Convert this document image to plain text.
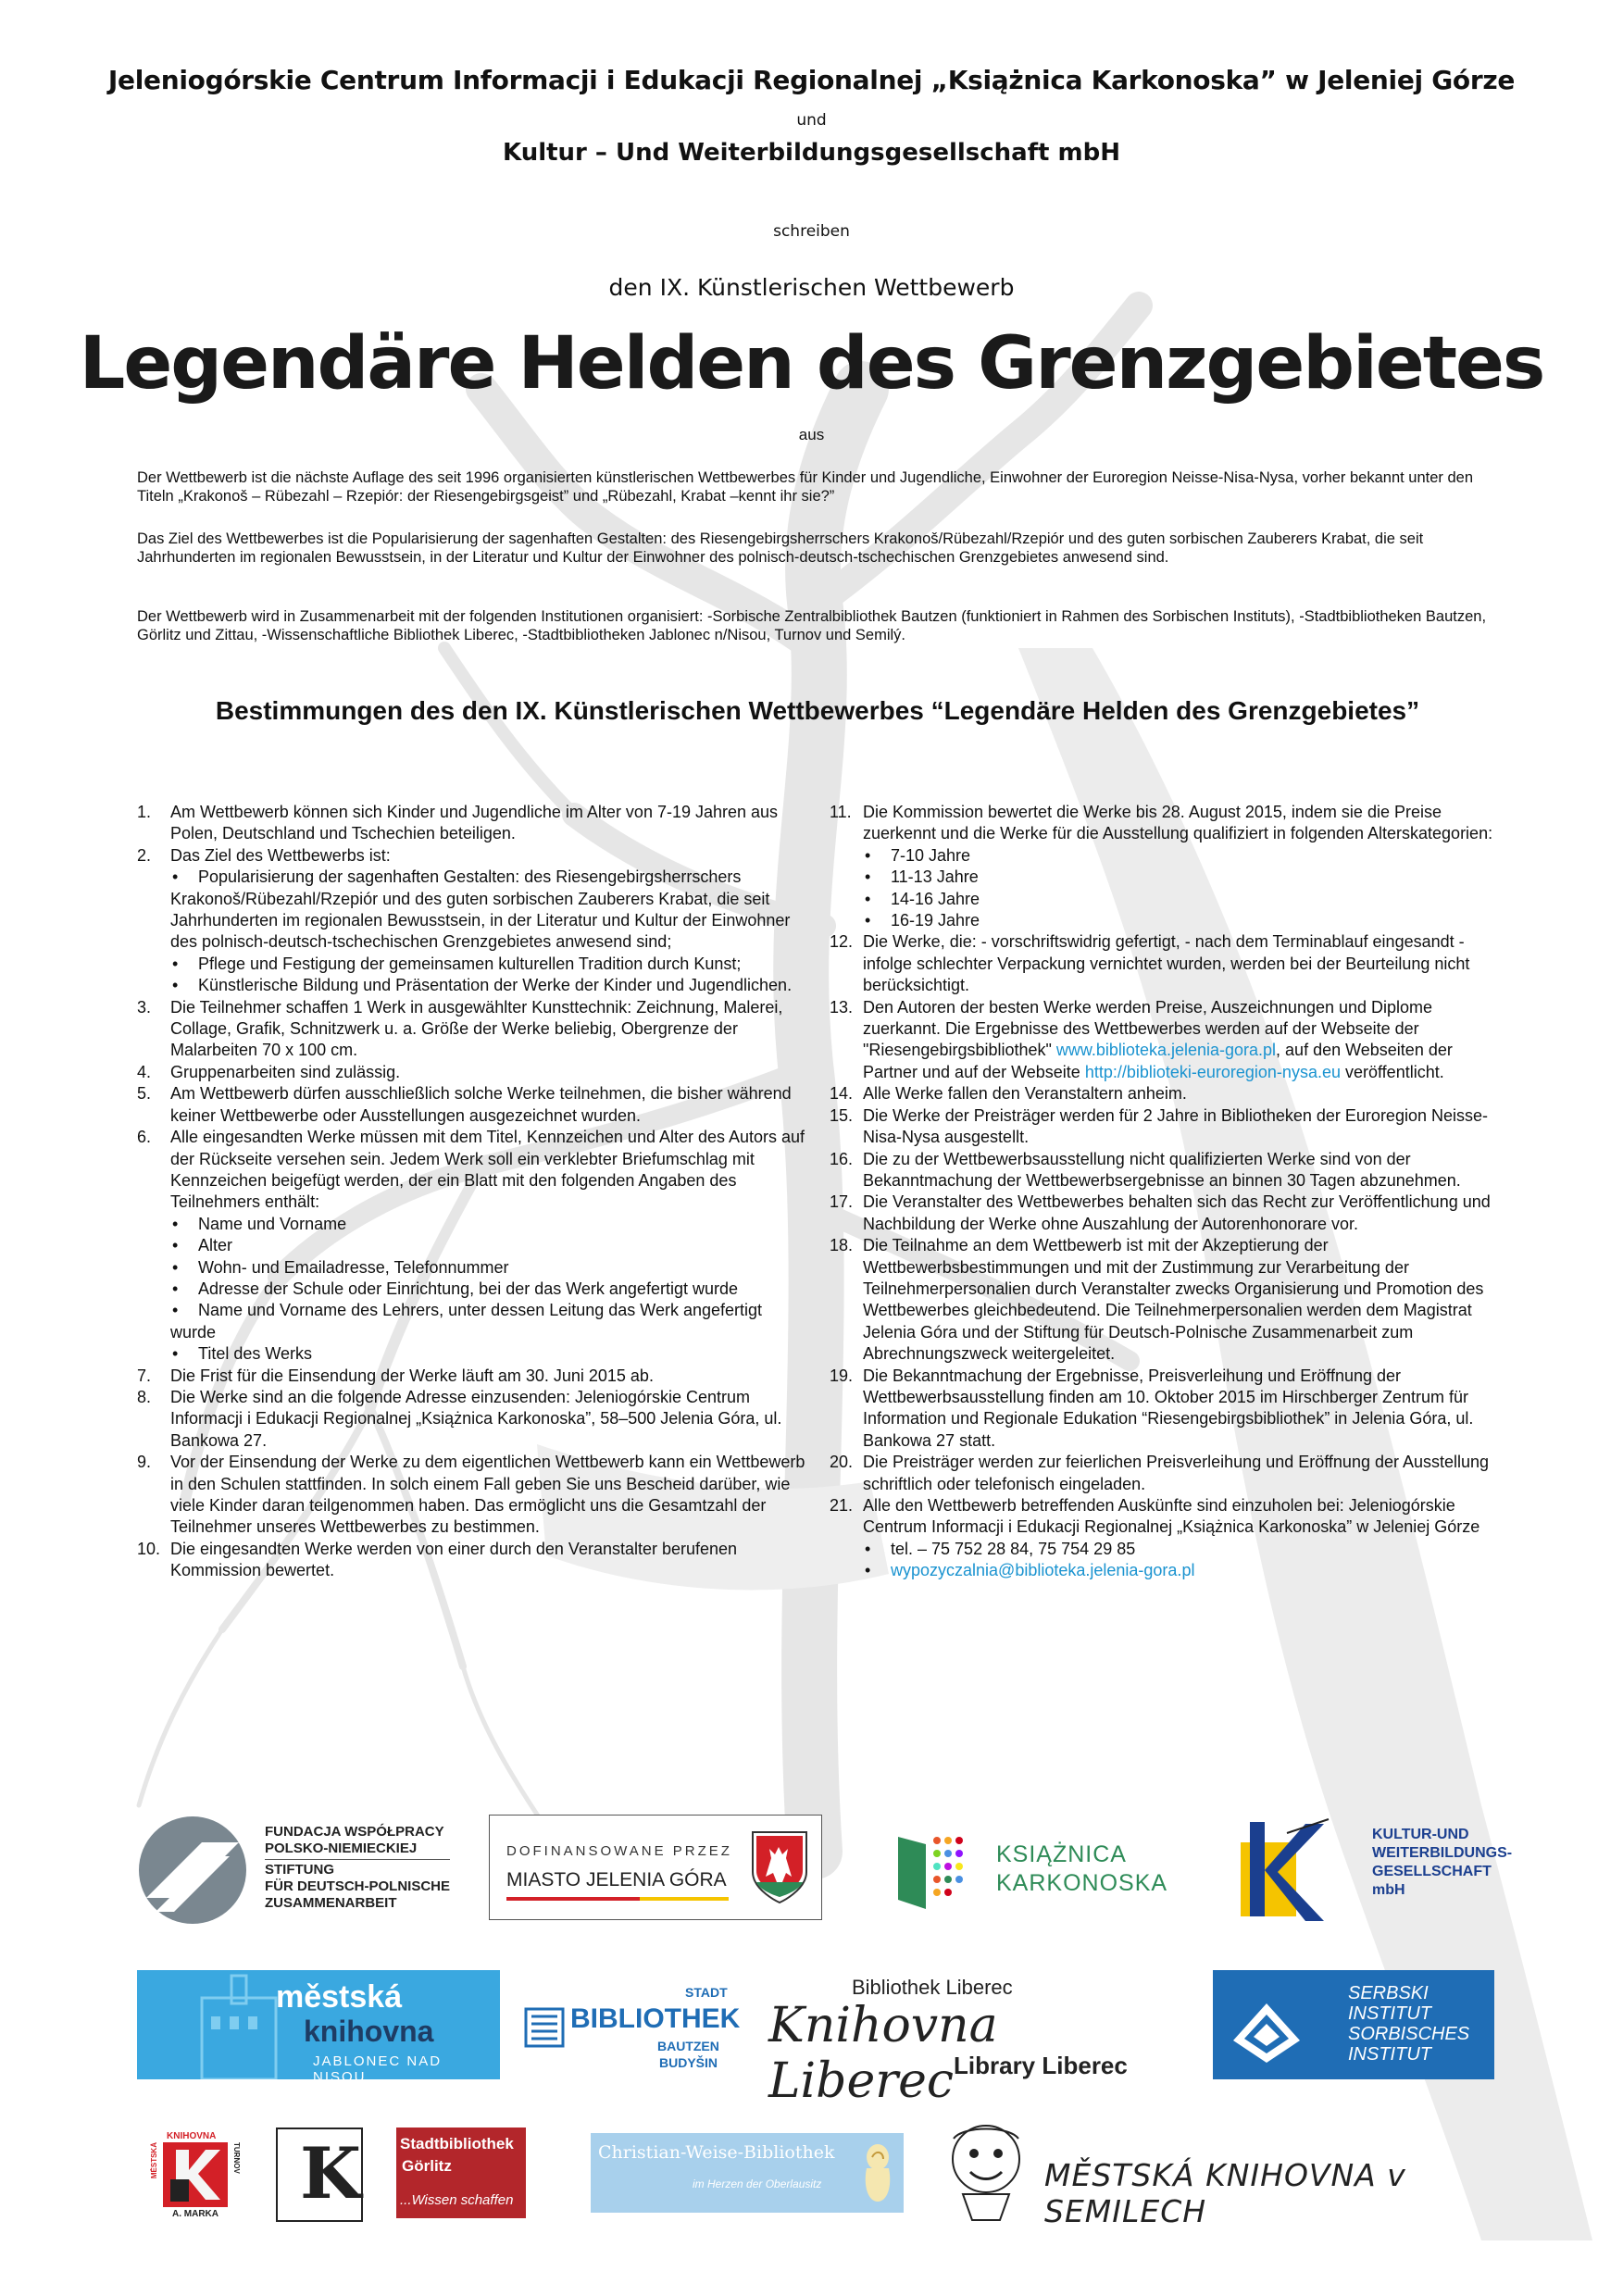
Jeleniogórskie Centrum Informacji i Edukacji Regionalnej „Książnica Karkonoska” w Jeleniej Górze
und
Kultur – Und Weiterbildungsgesellschaft mbH
schreiben
den IX. Künstlerischen Wettbewerb
Legendäre Helden des Grenzgebietes
aus

Der Wettbewerb ist die nächste Auflage des seit 1996 organisierten künstlerischen Wettbewerbes für Kinder und Jugendliche, Einwohner der Euroregion Neisse-Nisa-Nysa, vorher bekannt unter den Titeln „Krakonoš – Rübezahl – Rzepiór: der Riesengebirgsgeist” und „Rübezahl, Krabat –kennt ihr sie?”

Das Ziel des Wettbewerbes ist die Popularisierung der sagenhaften Gestalten: des Riesengebirgsherrschers Krakonoš/Rübezahl/Rzepiór und des guten sorbischen Zauberers Krabat, die seit Jahrhunderten im regionalen Bewusstsein, in der Literatur und Kultur der Einwohner des polnisch-deutsch-tschechischen Grenzgebietes anwesend sind.

Der Wettbewerb wird in Zusammenarbeit mit der folgenden Institutionen organisiert: -Sorbische Zentralbibliothek Bautzen (funktioniert in Rahmen des Sorbischen Instituts), -Stadtbibliotheken Bautzen, Görlitz und Zittau, -Wissenschaftliche Bibliothek Liberec, -Stadtbibliotheken Jablonec n/Nisou, Turnov und Semilý.

Bestimmungen des den IX. Künstlerischen Wettbewerbes “Legendäre Helden des Grenzgebietes”
1. Am Wettbewerb können sich Kinder und Jugendliche im Alter von 7-19 Jahren aus Polen, Deutschland und Tschechien beteiligen.
2. Das Ziel des Wettbewerbs ist:
• Popularisierung der sagenhaften Gestalten: des Riesengebirgsherrschers Krakonoš/Rübezahl/Rzepiór und des guten sorbischen Zauberers Krabat, die seit Jahrhunderten im regionalen Bewusstsein, in der Literatur und Kultur der Einwohner des polnisch-deutsch-tschechischen Grenzgebietes anwesend sind;
• Pflege und Festigung der gemeinsamen kulturellen Tradition durch Kunst;
• Künstlerische Bildung und Präsentation der Werke der Kinder und Jugendlichen.
3. Die Teilnehmer schaffen 1 Werk in ausgewählter Kunsttechnik: Zeichnung, Malerei, Collage, Grafik, Schnitzwerk u. a. Größe der Werke beliebig, Obergrenze der Malarbeiten 70 x 100 cm.
4. Gruppenarbeiten sind zulässig.
5. Am Wettbewerb dürfen ausschließlich solche Werke teilnehmen, die bisher während keiner Wettbewerbe oder Ausstellungen ausgezeichnet wurden.
6. Alle eingesandten Werke müssen mit dem Titel, Kennzeichen und Alter des Autors auf der Rückseite versehen sein. Jedem Werk soll ein verklebter Briefumschlag mit Kennzeichen beigefügt werden, der ein Blatt mit den folgenden Angaben des Teilnehmers enthält:
• Name und Vorname
• Alter
• Wohn- und Emailadresse, Telefonnummer
• Adresse der Schule oder Einrichtung, bei der das Werk angefertigt wurde
• Name und Vorname des Lehrers, unter dessen Leitung das Werk angefertigt wurde
• Titel des Werks
7. Die Frist für die Einsendung der Werke läuft am 30. Juni 2015 ab.
8. Die Werke sind an die folgende Adresse einzusenden: Jeleniogórskie Centrum Informacji i Edukacji Regionalnej „Książnica Karkonoska”, 58–500 Jelenia Góra, ul. Bankowa 27.
9. Vor der Einsendung der Werke zu dem eigentlichen Wettbewerb kann ein Wettbewerb in den Schulen stattfinden. In solch einem Fall geben Sie uns Bescheid darüber, wie viele Kinder daran teilgenommen haben. Das ermöglicht uns die Gesamtzahl der Teilnehmer unseres Wettbewerbes zu bestimmen.
10. Die eingesandten Werke werden von einer durch den Veranstalter berufenen Kommission bewertet.
11. Die Kommission bewertet die Werke bis 28. August 2015, indem sie die Preise zuerkennt und die Werke für die Ausstellung qualifiziert in folgenden Alterskategorien:
• 7-10 Jahre
• 11-13 Jahre
• 14-16 Jahre
• 16-19 Jahre
12. Die Werke, die: - vorschriftswidrig gefertigt, - nach dem Terminablauf eingesandt - infolge schlechter Verpackung vernichtet wurden, werden bei der Beurteilung nicht berücksichtigt.
13. Den Autoren der besten Werke werden Preise, Auszeichnungen und Diplome zuerkannt. Die Ergebnisse des Wettbewerbes werden auf der Webseite der "Riesengebirgsbibliothek" www.biblioteka.jelenia-gora.pl, auf den Webseiten der Partner und auf der Webseite http://biblioteki-euroregion-nysa.eu veröffentlicht.
14. Alle Werke fallen den Veranstaltern anheim.
15. Die Werke der Preisträger werden für 2 Jahre in Bibliotheken der Euroregion Neisse-Nisa-Nysa ausgestellt.
16. Die zu der Wettbewerbsausstellung nicht qualifizierten Werke sind von der Bekanntmachung der Wettbewerbsergebnisse an binnen 30 Tagen abzunehmen.
17. Die Veranstalter des Wettbewerbes behalten sich das Recht zur Veröffentlichung und Nachbildung der Werke ohne Auszahlung der Autorenhonorare vor.
18. Die Teilnahme an dem Wettbewerb ist mit der Akzeptierung der Wettbewerbsbestimmungen und mit der Zustimmung zur Verarbeitung der Teilnehmerpersonalien durch Veranstalter zwecks Organisierung und Promotion des Wettbewerbes gleichbedeutend. Die Teilnehmerpersonalien werden dem Magistrat Jelenia Góra und der Stiftung für Deutsch-Polnische Zusammenarbeit zum Abrechnungszweck weitergeleitet.
19. Die Bekanntmachung der Ergebnisse, Preisverleihung und Eröffnung der Wettbewerbsausstellung finden am 10. Oktober 2015 im Hirschberger Zentrum für Information und Regionale Edukation “Riesengebirgsbibliothek” in Jelenia Góra, ul. Bankowa 27 statt.
20. Die Preisträger werden zur feierlichen Preisverleihung und Eröffnung der Ausstellung schriftlich oder telefonisch eingeladen.
21. Alle den Wettbewerb betreffenden Auskünfte sind einzuholen bei: Jeleniogórskie Centrum Informacji i Edukacji Regionalnej „Książnica Karkonoska” w Jeleniej Górze
• tel. – 75 752 28 84, 75 754 29 85
• wypozyczalnia@biblioteka.jelenia-gora.pl
FUNDACJA WSPÓŁPRACY
POLSKO-NIEMIECKIEJ
STIFTUNG
FÜR DEUTSCH-POLNISCHE
ZUSAMMENARBEIT
DOFINANSOWANE PRZEZ
MIASTO JELENIA GÓRA
KSIĄŻNICA
KARKONOSKA
KULTUR-UND
WEITERBILDUNGS-
GESELLSCHAFT mbH
městská
knihovna
JABLONEC NAD NISOU
STADT
BIBLIOTHEK
BAUTZEN
BUDYŠIN
Bibliothek Liberec
Knihovna Liberec Library Liberec
SERBSKI
INSTITUT
SORBISCHES
INSTITUT
KNIHOVNA
MĚSTSKÁ	TURNOV
A. MARKA K Stadtbibliothek
Görlitz
...Wissen schaffen
Christian-Weise-Bibliothek
im Herzen der Oberlausitz	MĚSTSKÁ KNIHOVNA v SEMILECH
